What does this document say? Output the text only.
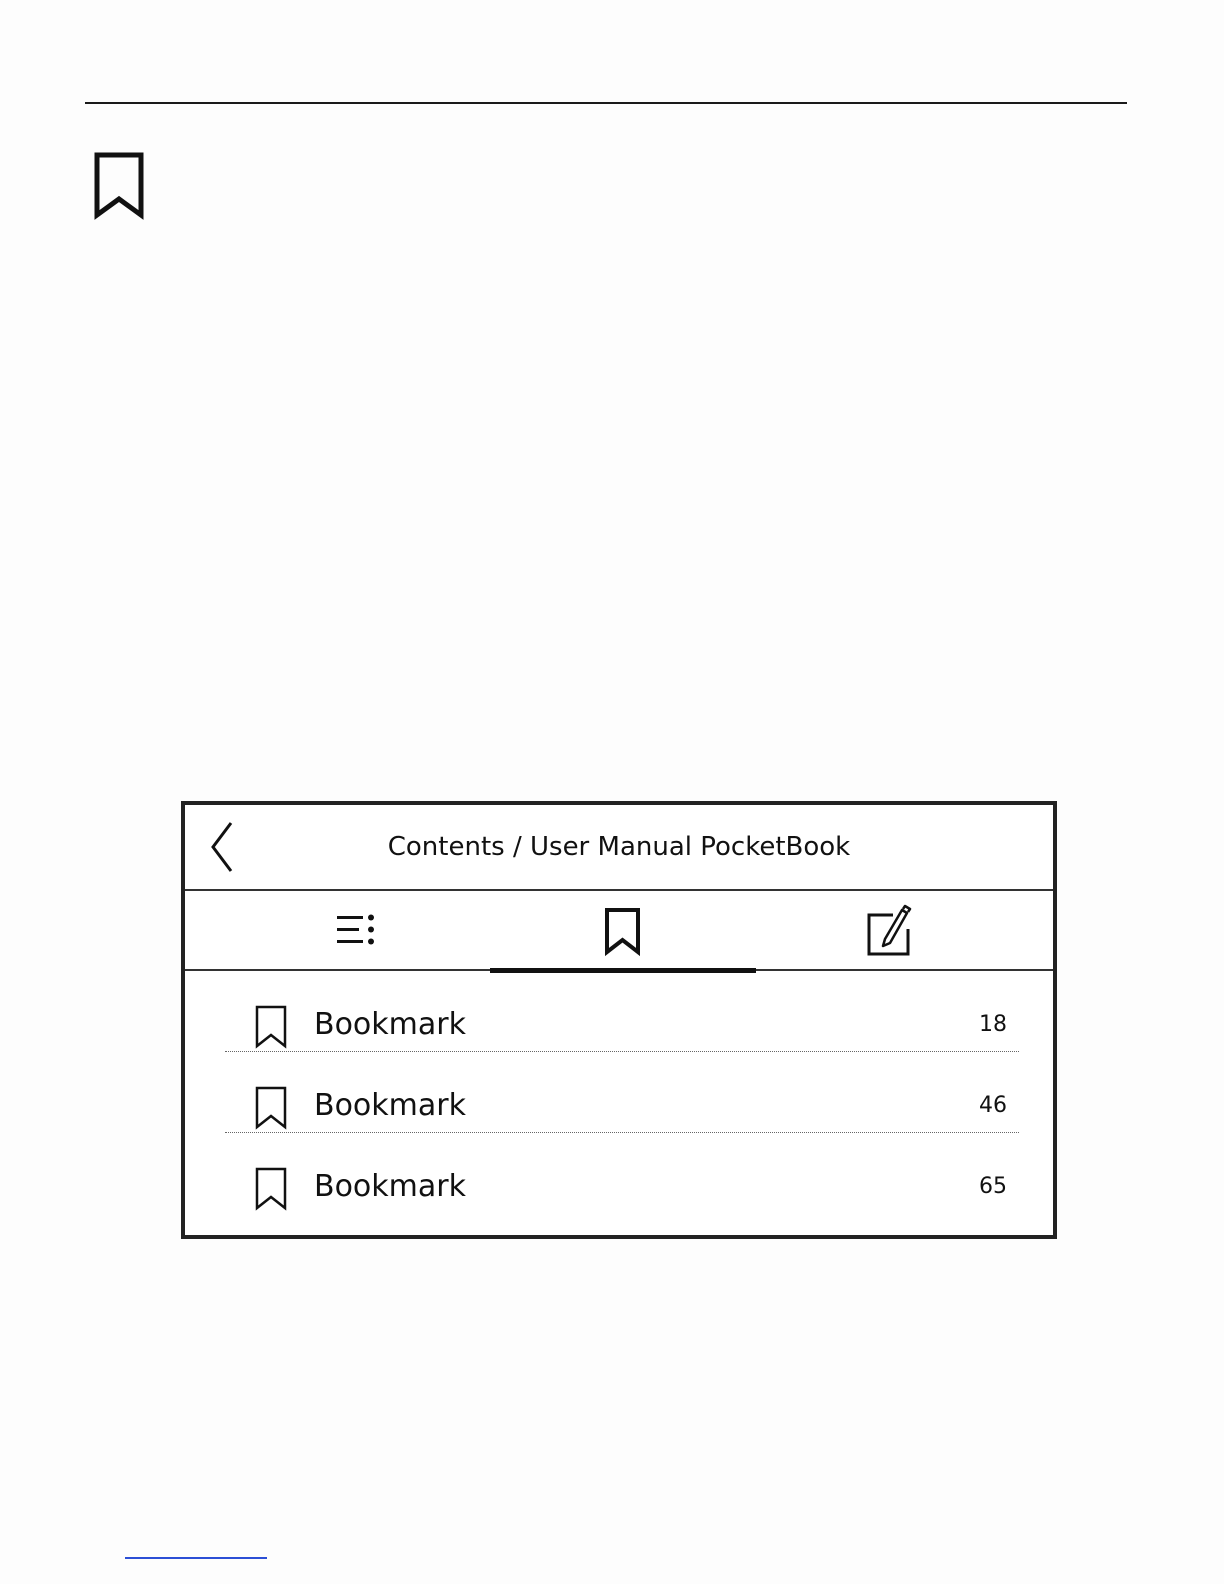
Contents / User Manual PocketBook
Bookmark	18
Bookmark	46
Bookmark	65
